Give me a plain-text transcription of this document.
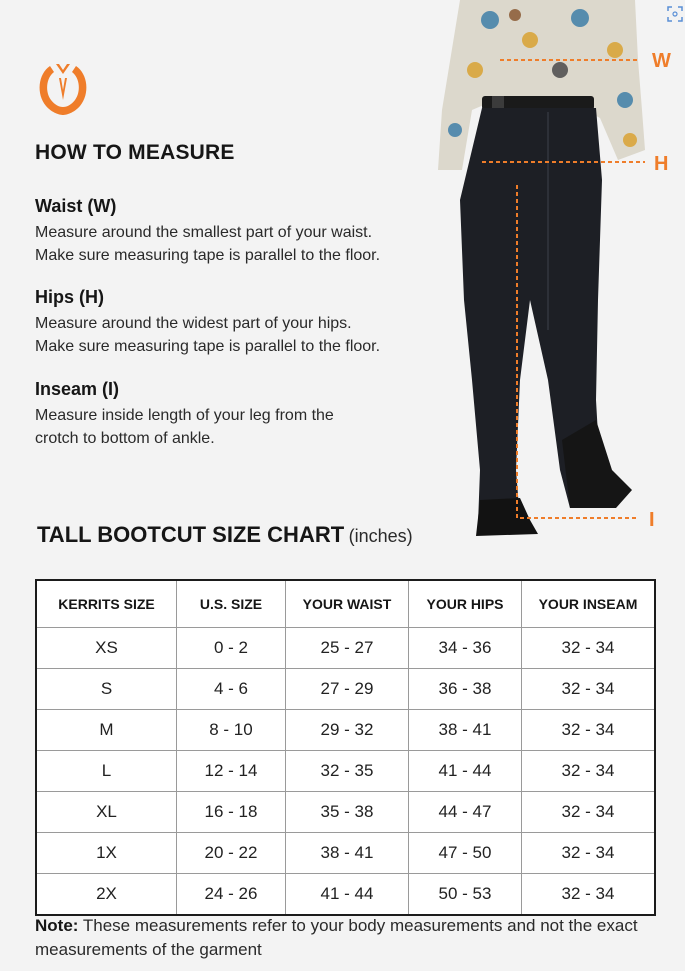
HOW TO MEASURE
Waist (W)
Measure around the smallest part of your waist.
Make sure measuring tape is parallel to the floor.
Hips (H)
Measure around the widest part of your hips.
Make sure measuring tape is parallel to the floor.
Inseam (I)
Measure inside length of your leg from the
crotch to bottom of ankle.
W
H
I
TALL BOOTCUT SIZE CHART (inches)
KERRITS SIZE	U.S. SIZE	YOUR WAIST	YOUR HIPS	YOUR INSEAM
XS	0 - 2	25 - 27	34 - 36	32 - 34
S	4 - 6	27 - 29	36 - 38	32 - 34
M	8 - 10	29 - 32	38 - 41	32 - 34
L	12 - 14	32 - 35	41 - 44	32 - 34
XL	16 - 18	35 - 38	44 - 47	32 - 34
1X	20 - 22	38 - 41	47 - 50	32 - 34
2X	24 - 26	41 - 44	50 - 53	32 - 34
Note: These measurements refer to your body measurements and not the exact measurements of the garment
